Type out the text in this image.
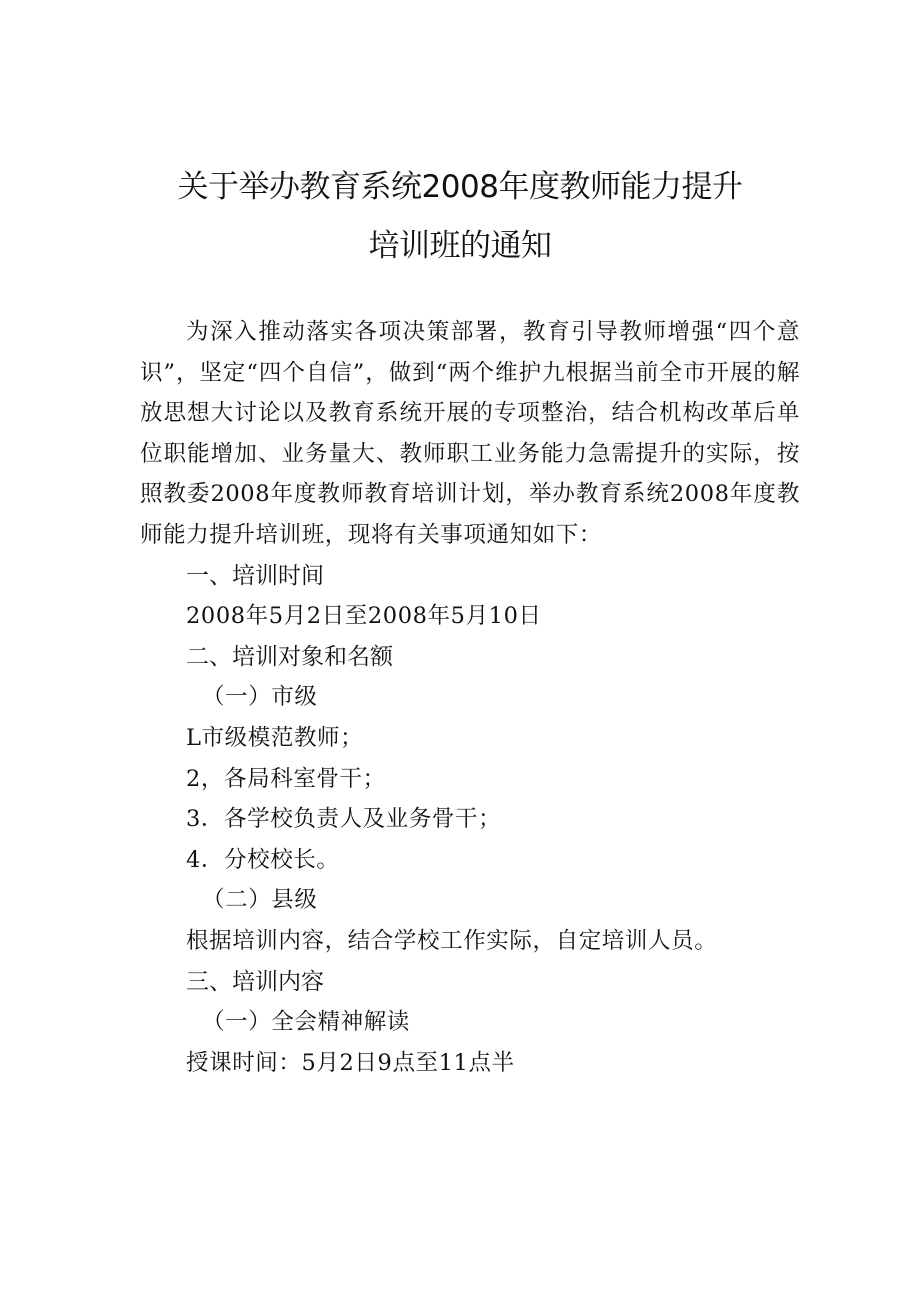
关于举办教育系统2008年度教师能力提升
培训班的通知

为深入推动落实各项决策部署，教育引导教师增强“四个意识”，坚定“四个自信”，做到“两个维护九根据当前全市开展的解放思想大讨论以及教育系统开展的专项整治，结合机构改革后单位职能增加、业务量大、教师职工业务能力急需提升的实际，按照教委2008年度教师教育培训计划，举办教育系统2008年度教师能力提升培训班，现将有关事项通知如下：

一、培训时间

2008年5月2日至2008年5月10日

二、培训对象和名额

（一）市级

L市级模范教师；

2，各局科室骨干；

3．各学校负责人及业务骨干；

4．分校校长。

（二）县级

根据培训内容，结合学校工作实际，自定培训人员。

三、培训内容

（一）全会精神解读

授课时间：5月2日9点至11点半
